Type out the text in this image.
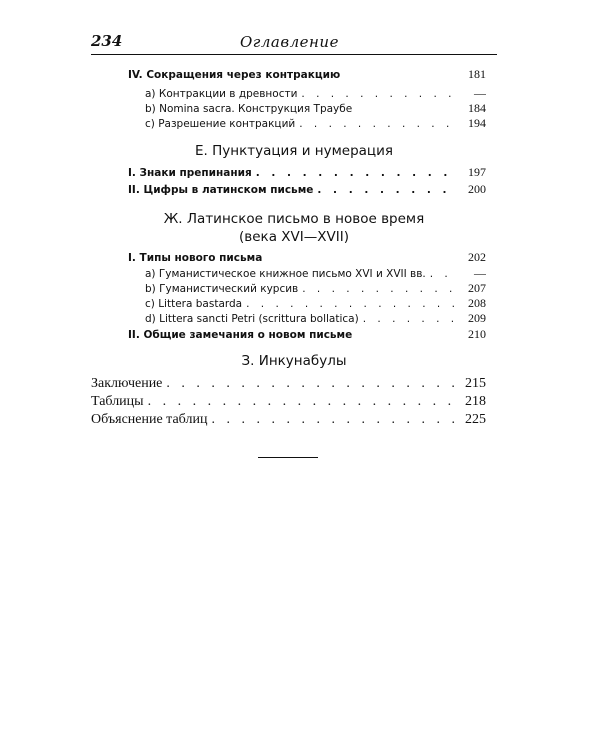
234	Оглавление
IV. Сокращения через контракцию	181
a) Контракции в древности . . .	—
b) Nomina sacra. Конструкция Траубе	184
c) Разрешение контракций . . .	194
Е. Пунктуация и нумерация
I. Знаки препинания . . .	197
II. Цифры в латинском письме . . .	200
Ж. Латинское письмо в новое время
(века XVI—XVII)
I. Типы нового письма	202
a) Гуманистическое книжное письмо XVI и XVII вв. . . .	—
b) Гуманистический курсив . . .	207
c) Littera bastarda . . .	208
d) Littera sancti Petri (scrittura bollatica) . . .	209
II. Общие замечания о новом письме	210
З. Инкунабулы
Заключение . . .	215
Таблицы . . .	218
Объяснение таблиц . . .	225
